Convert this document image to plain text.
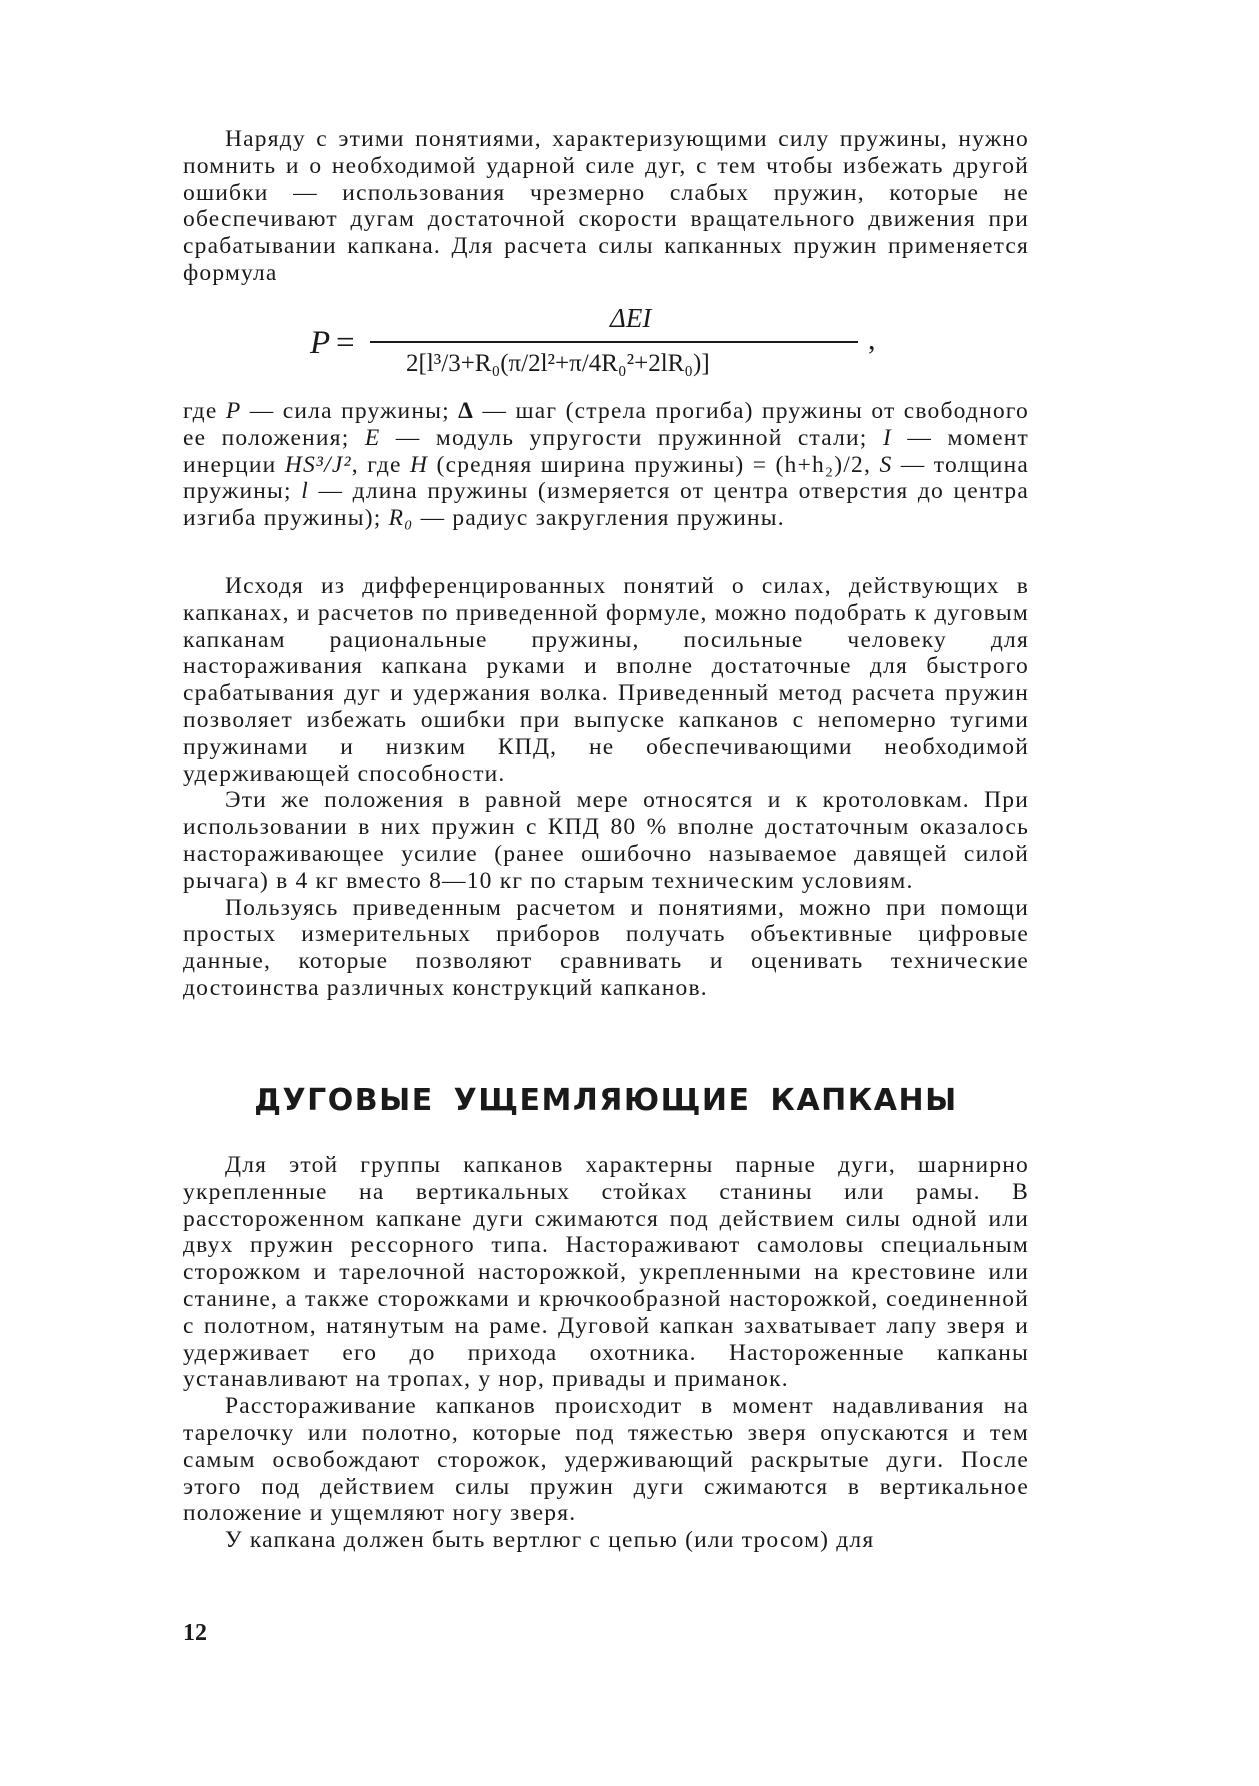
Наряду с этими понятиями, характеризующими силу пружины, нужно помнить и о необходимой ударной силе дуг, с тем чтобы избежать другой ошибки — использования чрезмерно слабых пружин, которые не обеспечивают дугам достаточной скорости вращательного движения при срабатывании капкана. Для расчета силы капканных пружин применяется формула

P =
ΔEI
2[l³/3+R₀(π/2l²+π/4R₀²+2lR₀)]
,

где P — сила пружины; Δ — шаг (стрела прогиба) пружины от свободного ее положения; E — модуль упругости пружинной стали; I — момент инерции HS³/J², где H (средняя ширина пружины) = (h+h₂)/2, S — толщина пружины; l — длина пружины (измеряется от центра отверстия до центра изгиба пружины); R₀ — радиус закругления пружины.

Исходя из дифференцированных понятий о силах, действующих в капканах, и расчетов по приведенной формуле, можно подобрать к дуговым капканам рациональные пружины, посильные человеку для настораживания капкана руками и вполне достаточные для быстрого срабатывания дуг и удержания волка. Приведенный метод расчета пружин позволяет избежать ошибки при выпуске капканов с непомерно тугими пружинами и низким КПД, не обеспечивающими необходимой удерживающей способности.

Эти же положения в равной мере относятся и к кротоловкам. При использовании в них пружин с КПД 80 % вполне достаточным оказалось настораживающее усилие (ранее ошибочно называемое давящей силой рычага) в 4 кг вместо 8—10 кг по старым техническим условиям.

Пользуясь приведенным расчетом и понятиями, можно при помощи простых измерительных приборов получать объективные цифровые данные, которые позволяют сравнивать и оценивать технические достоинства различных конструкций капканов.

ДУГОВЫЕ УЩЕМЛЯЮЩИЕ КАПКАНЫ

Для этой группы капканов характерны парные дуги, шарнирно укрепленные на вертикальных стойках станины или рамы. В расстороженном капкане дуги сжимаются под действием силы одной или двух пружин рессорного типа. Настораживают самоловы специальным сторожком и тарелочной насторожкой, укрепленными на крестовине или станине, а также сторожками и крючкообразной насторожкой, соединенной с полотном, натянутым на раме. Дуговой капкан захватывает лапу зверя и удерживает его до прихода охотника. Настороженные капканы устанавливают на тропах, у нор, привады и приманок.

Расстораживание капканов происходит в момент надавливания на тарелочку или полотно, которые под тяжестью зверя опускаются и тем самым освобождают сторожок, удерживающий раскрытые дуги. После этого под действием силы пружин дуги сжимаются в вертикальное положение и ущемляют ногу зверя.

У капкана должен быть вертлюг с цепью (или тросом) для

12
